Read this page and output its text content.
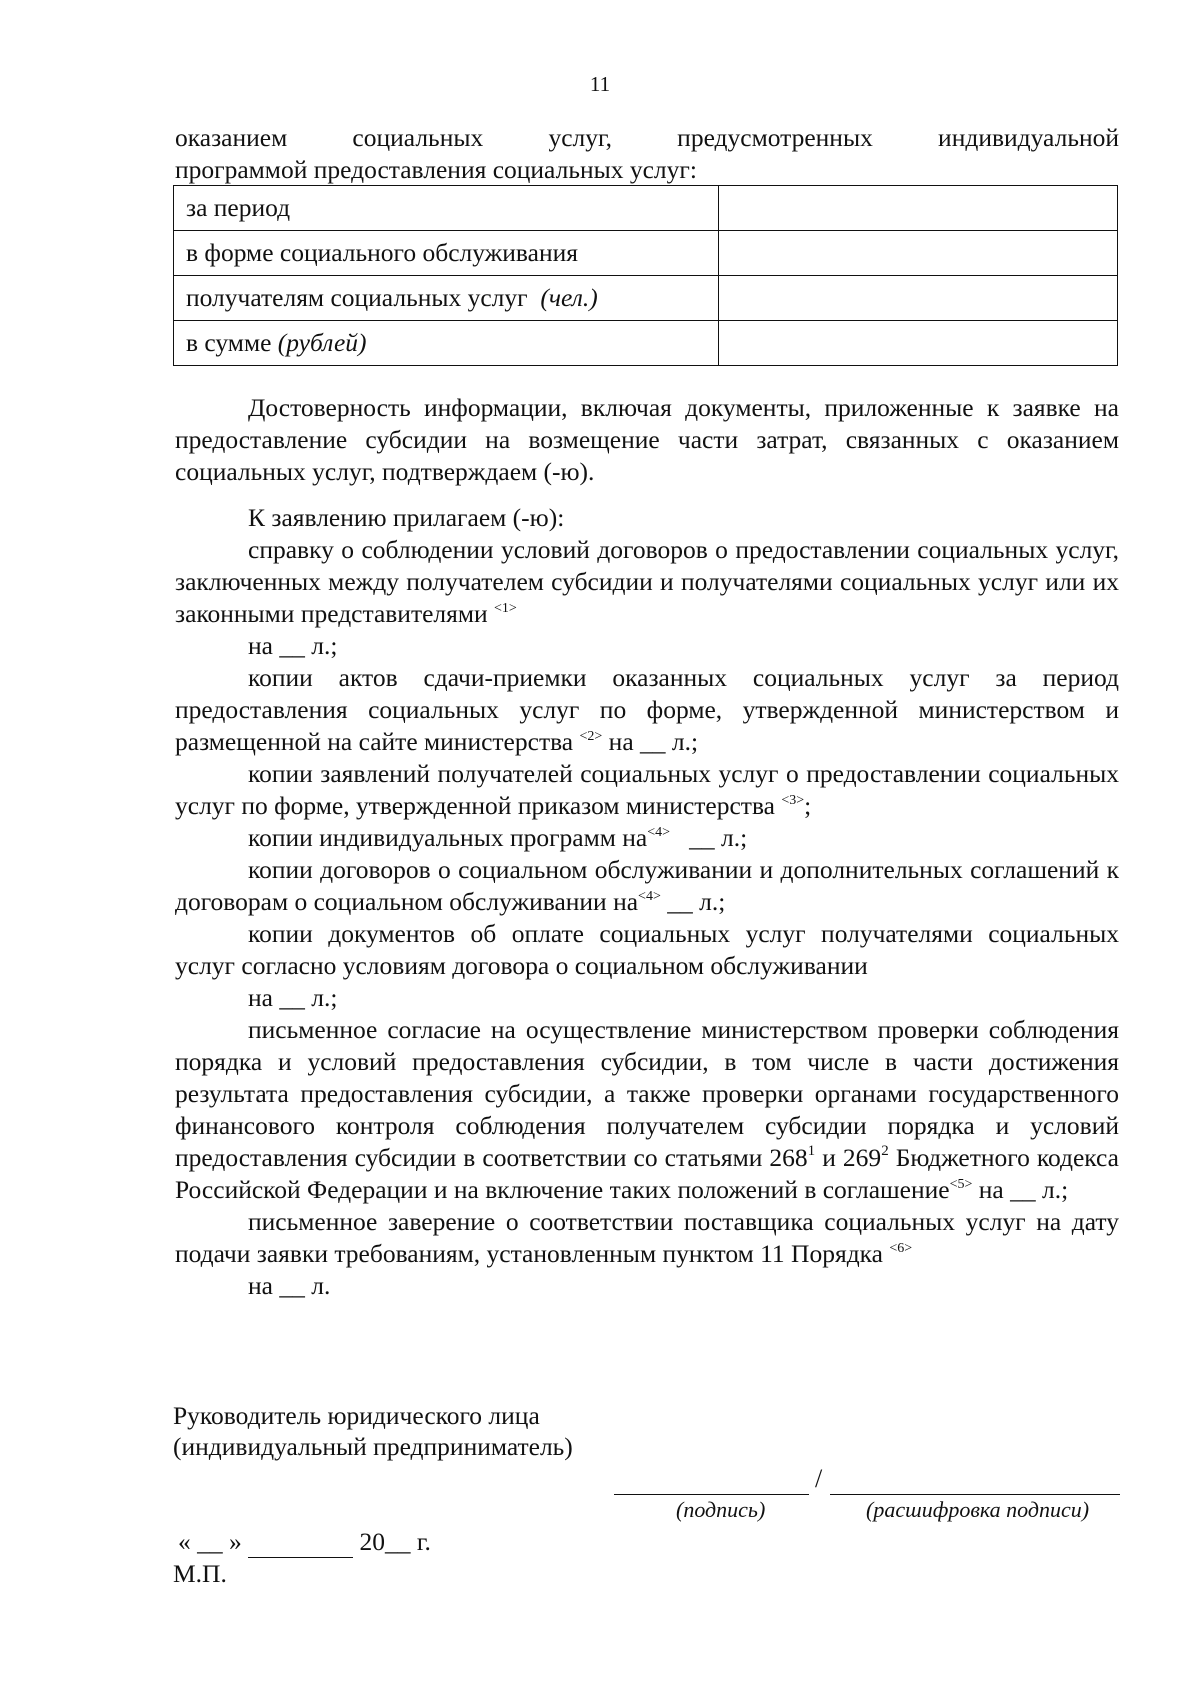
11
оказанием социальных услуг, предусмотренных индивидуальной
программой предоставления социальных услуг:
за период	
в форме социального обслуживания	
получателям социальных услуг (чел.)	
в сумме (рублей)	

Достоверность информации, включая документы, приложенные к заявке на предоставление субсидии на возмещение части затрат, связанных с оказанием социальных услуг, подтверждаем (-ю).

К заявлению прилагаем (-ю):

справку о соблюдении условий договоров о предоставлении социальных услуг, заключенных между получателем субсидии и получателями социальных услуг или их законными представителями $^{<1>}$
на __ л.;

копии актов сдачи-приемки оказанных социальных услуг за период предоставления социальных услуг по форме, утвержденной министерством и размещенной на сайте министерства $^{<2>}$ на __ л.;

копии заявлений получателей социальных услуг о предоставлении социальных услуг по форме, утвержденной приказом министерства $^{<3>}$;

копии индивидуальных программ $на^{<4>}$ __ л.;

копии договоров о социальном обслуживании и дополнительных соглашений к договорам о социальном обслуживании $на^{<4>}$ __ л.;

копии документов об оплате социальных услуг получателями социальных услуг согласно условиям договора о социальном обслуживании
на __ л.;

письменное согласие на осуществление министерством проверки соблюдения порядка и условий предоставления субсидии, в том числе в части достижения результата предоставления субсидии, а также проверки органами государственного финансового контроля соблюдения получателем субсидии порядка и условий предоставления субсидии в соответствии со статьями $268^1$ и $269^2$ Бюджетного кодекса Российской Федерации и на включение таких положений в соглашение$^{<5>}$ на __ л.;

письменное заверение о соответствии поставщика социальных услуг на дату подачи заявки требованиям, установленным пунктом 11 Порядка $^{<6>}$
на __ л.

Руководитель юридического лица
(индивидуальный предприниматель)
/
(подпись)	(расшифровка подписи)
« __ »	20__ г.
М.П.
